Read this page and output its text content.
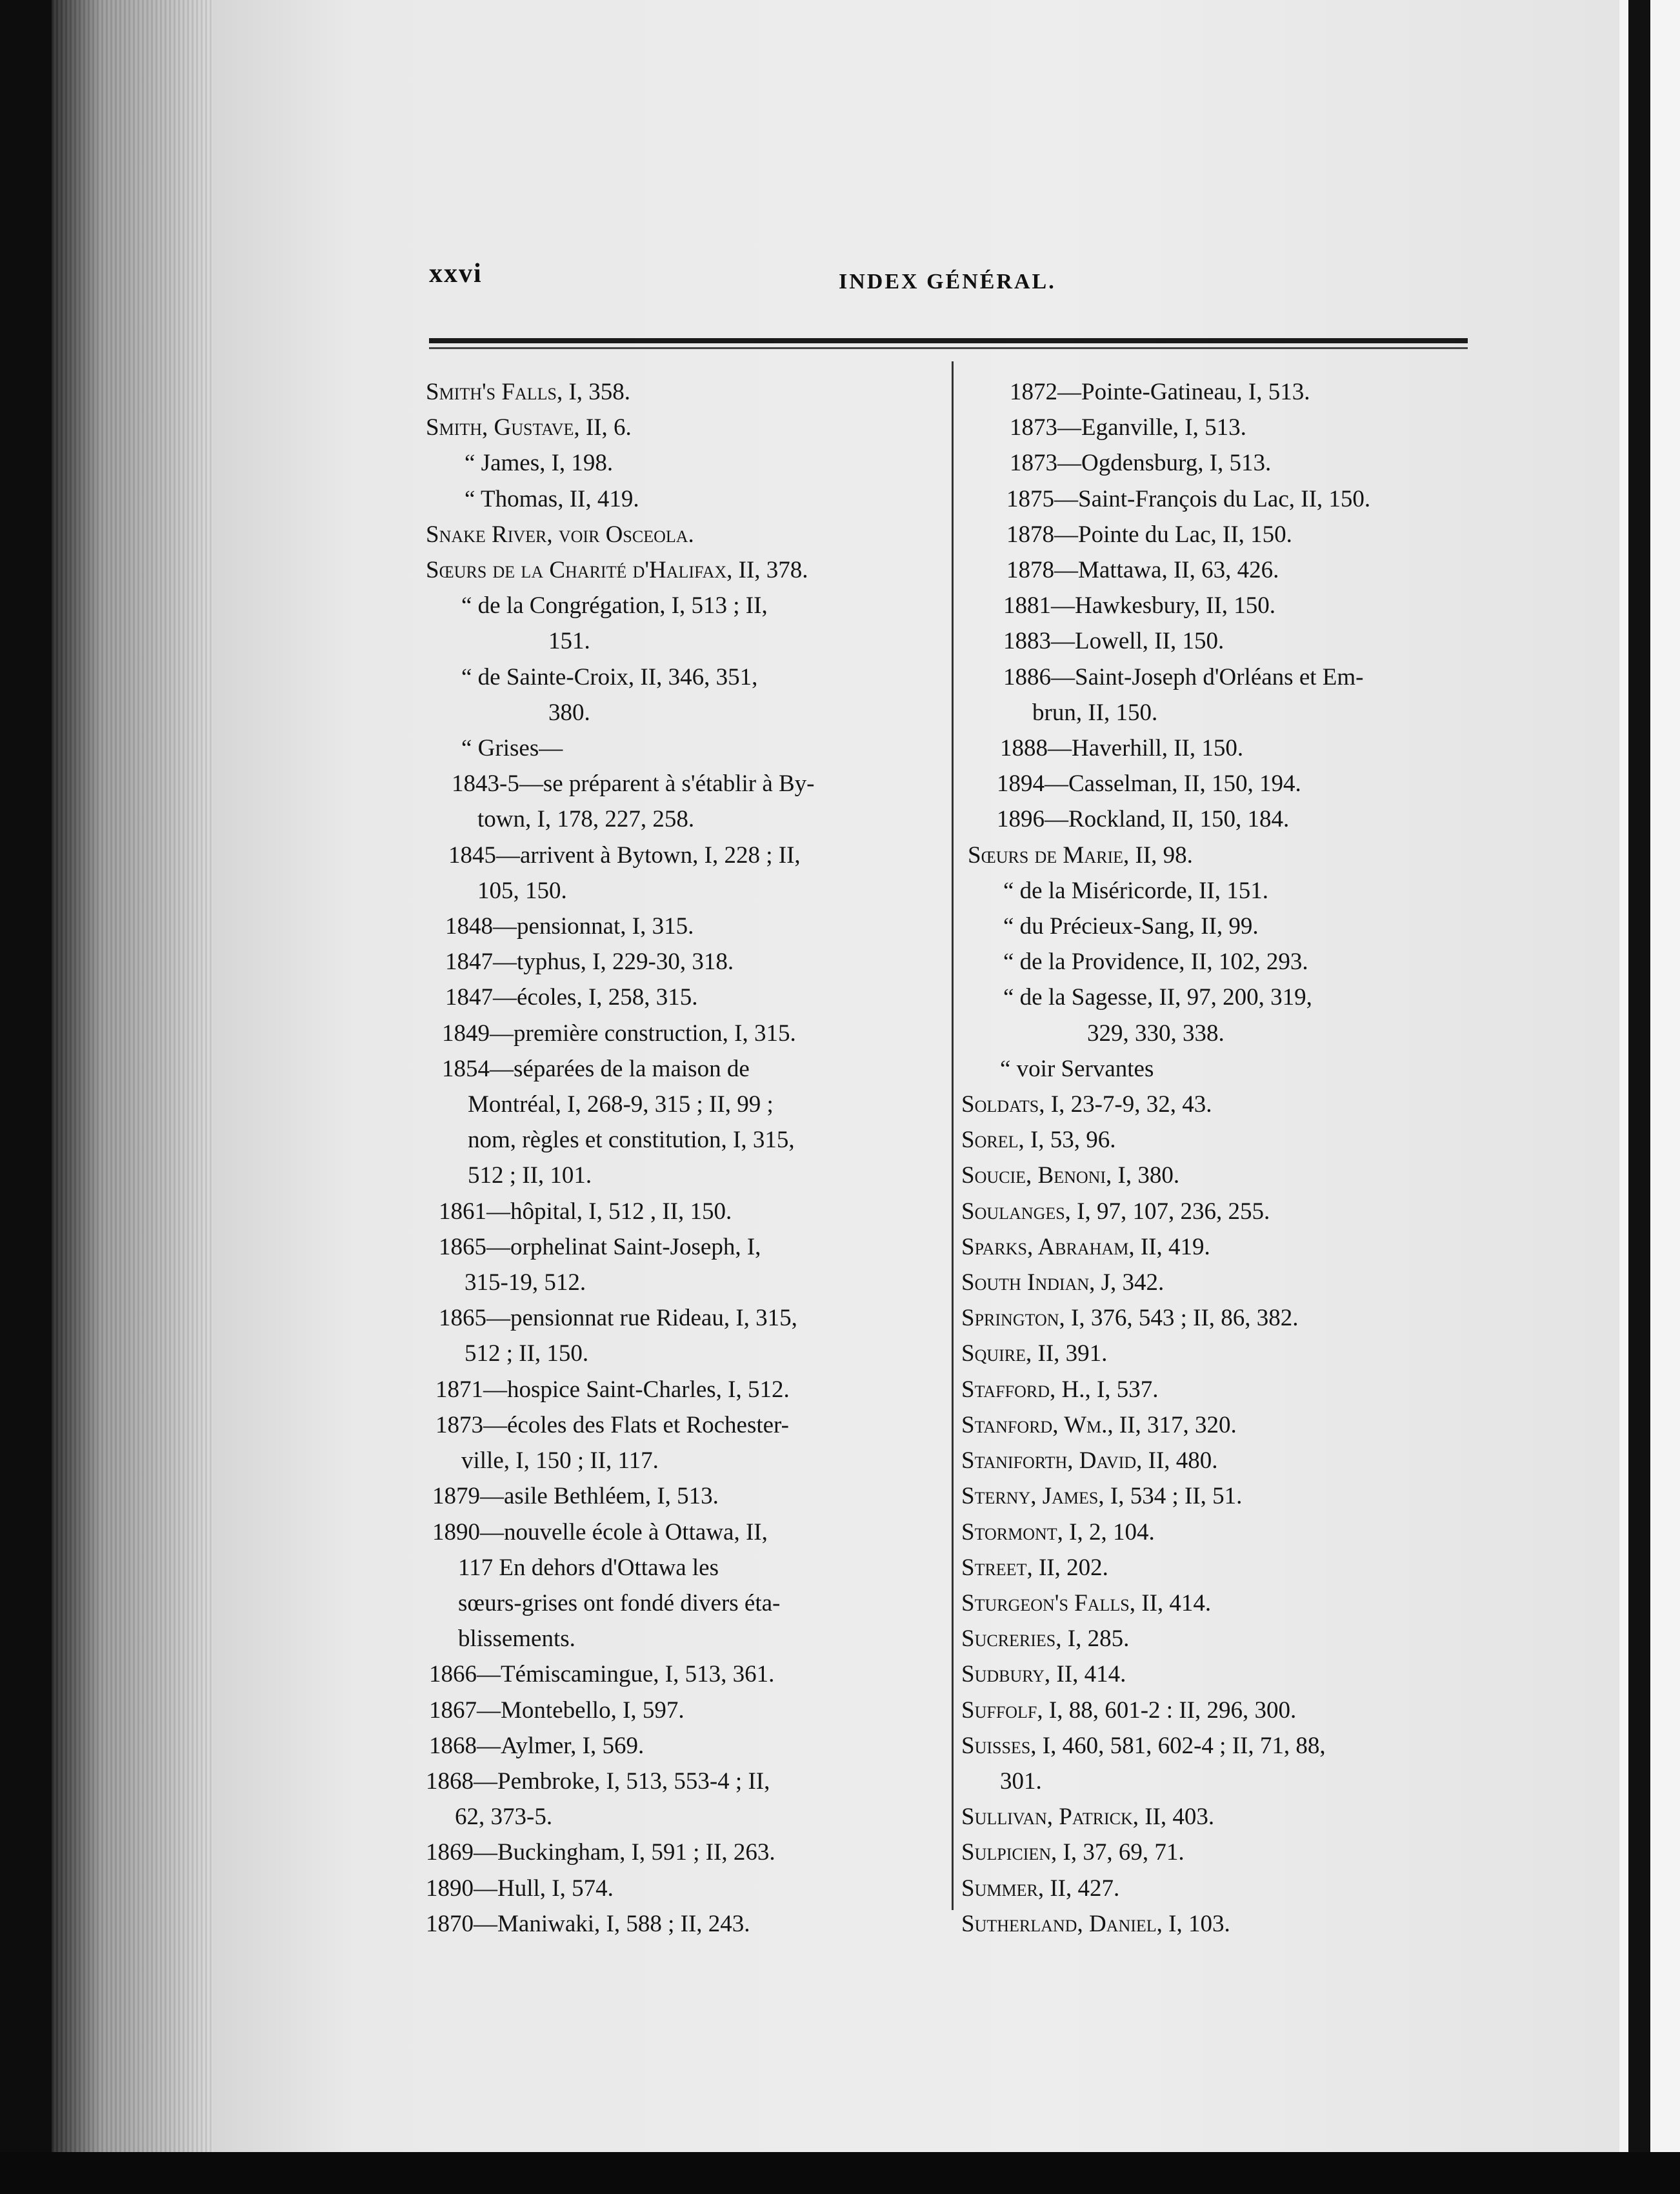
xxvi	INDEX GÉNÉRAL.
Smith's Falls, I, 358.
Smith, Gustave, II, 6.
“ James, I, 198.
“ Thomas, II, 419.
Snake River, voir Osceola.
Sœurs de la Charité d'Halifax, II, 378.
“ de la Congrégation, I, 513 ; II,
151.
“ de Sainte-Croix, II, 346, 351,
380.
“ Grises—
1843-5—se préparent à s'établir à By-
town, I, 178, 227, 258.
1845—arrivent à Bytown, I, 228 ; II,
105, 150.
1848—pensionnat, I, 315.
1847—typhus, I, 229-30, 318.
1847—écoles, I, 258, 315.
1849—première construction, I, 315.
1854—séparées de la maison de
Montréal, I, 268-9, 315 ; II, 99 ;
nom, règles et constitution, I, 315,
512 ; II, 101.
1861—hôpital, I, 512 , II, 150.
1865—orphelinat Saint-Joseph, I,
315-19, 512.
1865—pensionnat rue Rideau, I, 315,
512 ; II, 150.
1871—hospice Saint-Charles, I, 512.
1873—écoles des Flats et Rochester-
ville, I, 150 ; II, 117.
1879—asile Bethléem, I, 513.
1890—nouvelle école à Ottawa, II,
117 En dehors d'Ottawa les
sœurs-grises ont fondé divers éta-
blissements.
1866—Témiscamingue, I, 513, 361.
1867—Montebello, I, 597.
1868—Aylmer, I, 569.
1868—Pembroke, I, 513, 553-4 ; II,
62, 373-5.
1869—Buckingham, I, 591 ; II, 263.
1890—Hull, I, 574.
1870—Maniwaki, I, 588 ; II, 243.
1872—Pointe-Gatineau, I, 513.
1873—Eganville, I, 513.
1873—Ogdensburg, I, 513.
1875—Saint-François du Lac, II, 150.
1878—Pointe du Lac, II, 150.
1878—Mattawa, II, 63, 426.
1881—Hawkesbury, II, 150.
1883—Lowell, II, 150.
1886—Saint-Joseph d'Orléans et Em-
brun, II, 150.
1888—Haverhill, II, 150.
1894—Casselman, II, 150, 194.
1896—Rockland, II, 150, 184.
Sœurs de Marie, II, 98.
“ de la Miséricorde, II, 151.
“ du Précieux-Sang, II, 99.
“ de la Providence, II, 102, 293.
“ de la Sagesse, II, 97, 200, 319,
329, 330, 338.
“ voir Servantes
Soldats, I, 23-7-9, 32, 43.
Sorel, I, 53, 96.
Soucie, Benoni, I, 380.
Soulanges, I, 97, 107, 236, 255.
Sparks, Abraham, II, 419.
South Indian, J, 342.
Springton, I, 376, 543 ; II, 86, 382.
Squire, II, 391.
Stafford, H., I, 537.
Stanford, Wm., II, 317, 320.
Staniforth, David, II, 480.
Sterny, James, I, 534 ; II, 51.
Stormont, I, 2, 104.
Street, II, 202.
Sturgeon's Falls, II, 414.
Sucreries, I, 285.
Sudbury, II, 414.
Suffolf, I, 88, 601-2 : II, 296, 300.
Suisses, I, 460, 581, 602-4 ; II, 71, 88,
301.
Sullivan, Patrick, II, 403.
Sulpicien, I, 37, 69, 71.
Summer, II, 427.
Sutherland, Daniel, I, 103.
